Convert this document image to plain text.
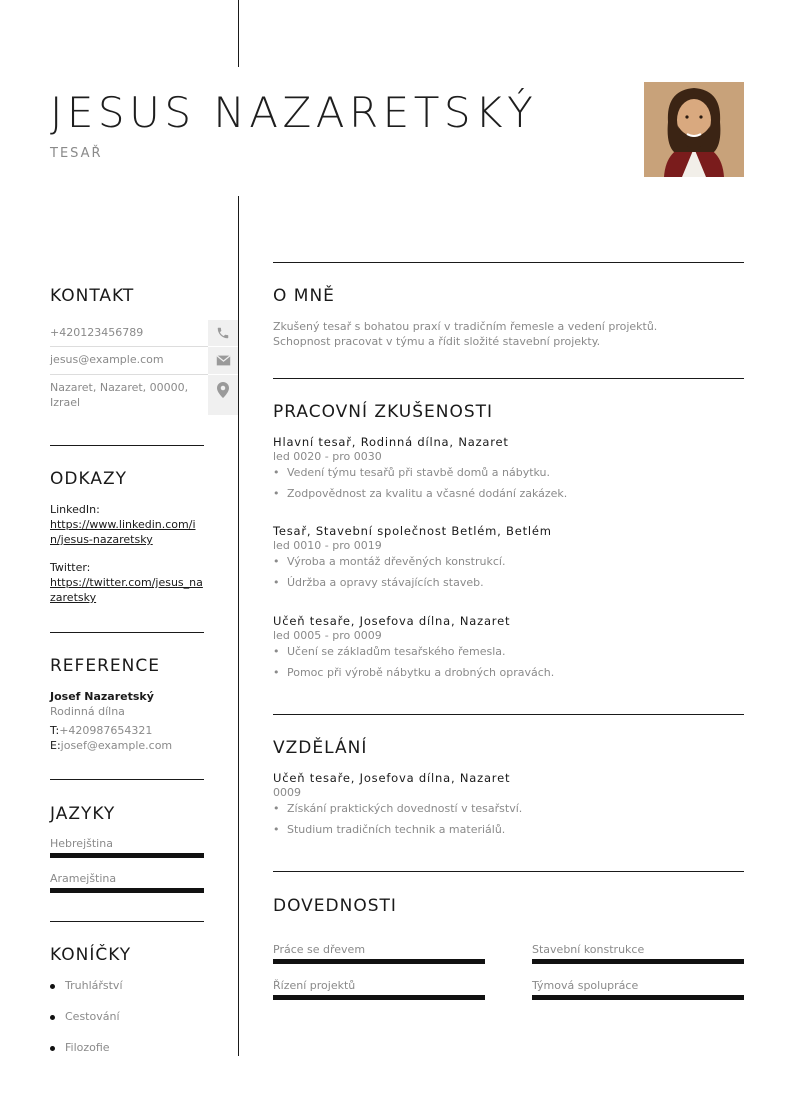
JESUS NAZARETSKÝ
TESAŘ
KONTAKT
+420123456789
jesus@example.com
Nazaret, Nazaret, 00000, Izrael
ODKAZY
LinkedIn:
https://www.linkedin.com/in/jesus-nazaretsky
Twitter:
https://twitter.com/jesus_nazaretsky
REFERENCE
Josef Nazaretský
Rodinná dílna
T:+420987654321
E:josef@example.com
JAZYKY
Hebrejština
Aramejština
KONÍČKY
Truhlářství
Cestování
Filozofie
O MNĚ
Zkušený tesař s bohatou praxí v tradičním řemesle a vedení projektů. Schopnost pracovat v týmu a řídit složité stavební projekty.
PRACOVNÍ ZKUŠENOSTI
Hlavní tesař, Rodinná dílna, Nazaret
led 0020 - pro 0030
• Vedení týmu tesařů při stavbě domů a nábytku.
• Zodpovědnost za kvalitu a včasné dodání zakázek.
Tesař, Stavební společnost Betlém, Betlém
led 0010 - pro 0019
• Výroba a montáž dřevěných konstrukcí.
• Údržba a opravy stávajících staveb.
Učeň tesaře, Josefova dílna, Nazaret
led 0005 - pro 0009
• Učení se základům tesařského řemesla.
• Pomoc při výrobě nábytku a drobných opravách.
VZDĚLÁNÍ
Učeň tesaře, Josefova dílna, Nazaret
0009
• Získání praktických dovedností v tesařství.
• Studium tradičních technik a materiálů.
DOVEDNOSTI
Práce se dřevem	Stavební konstrukce
Řízení projektů	Týmová spolupráce
